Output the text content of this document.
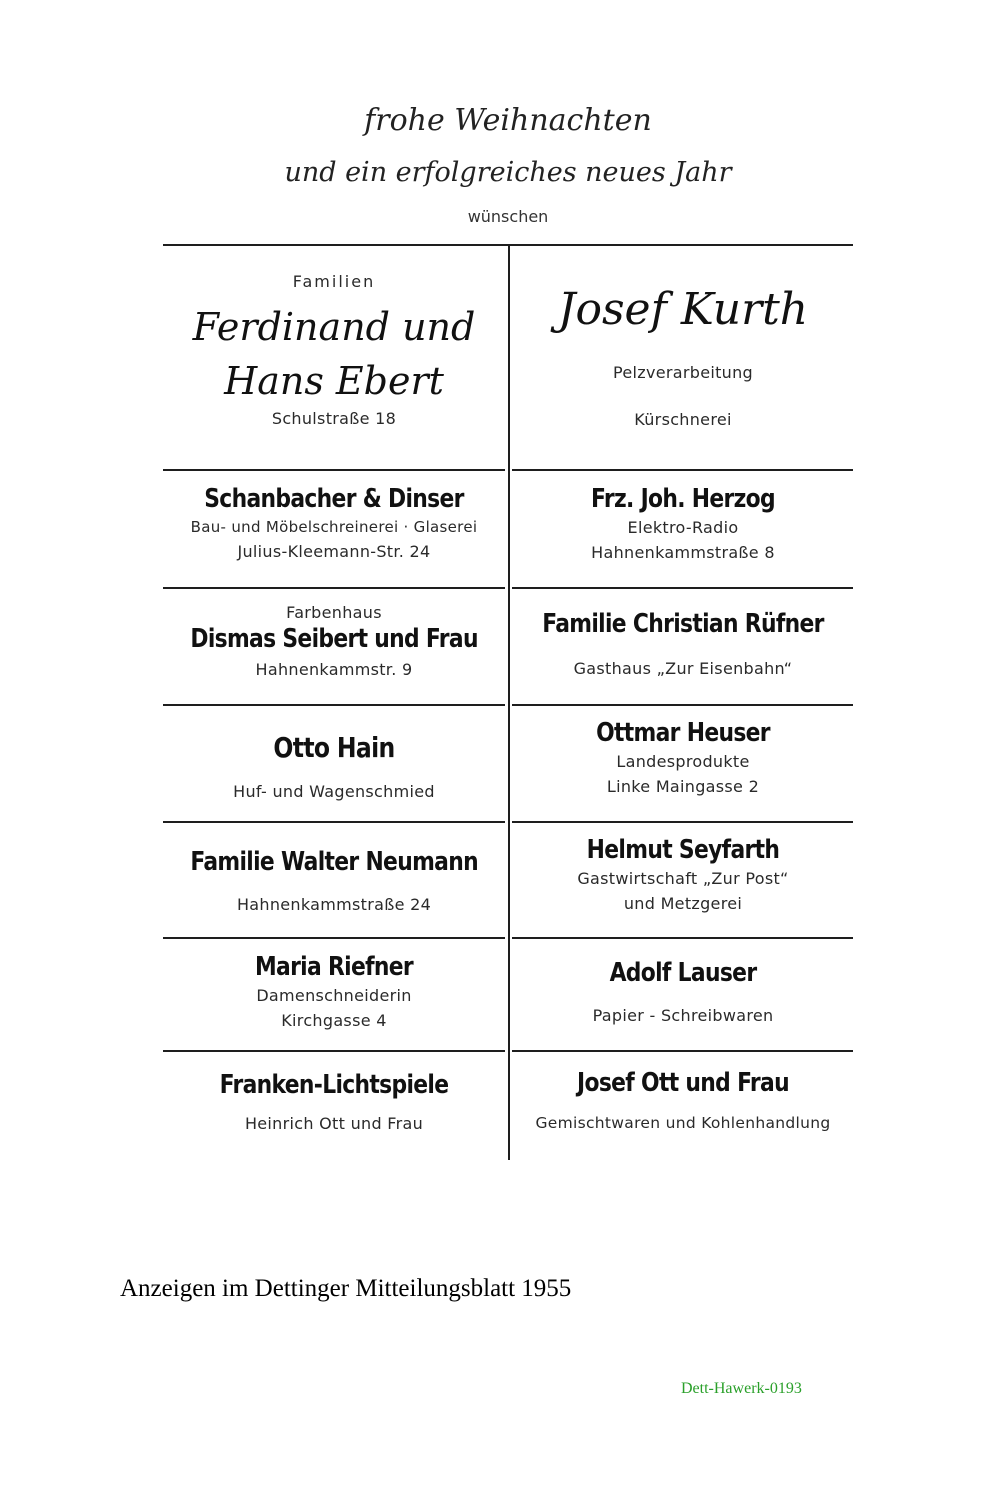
frohe Weihnachten
und ein erfolgreiches neues Jahr
wünschen
Familien
Ferdinand und
Hans Ebert
Schulstraße 18
Josef Kurth
Pelzverarbeitung
Kürschnerei
Schanbacher & Dinser
Bau- und Möbelschreinerei · Glaserei
Julius-Kleemann-Str. 24
Frz. Joh. Herzog
Elektro-Radio
Hahnenkammstraße 8
Farbenhaus
Dismas Seibert und Frau
Hahnenkammstr. 9
Familie Christian Rüfner
Gasthaus „Zur Eisenbahn“
Otto Hain
Huf- und Wagenschmied
Ottmar Heuser
Landesprodukte
Linke Maingasse 2
Familie Walter Neumann
Hahnenkammstraße 24
Helmut Seyfarth
Gastwirtschaft „Zur Post“
und Metzgerei
Maria Riefner
Damenschneiderin
Kirchgasse 4
Adolf Lauser
Papier - Schreibwaren
Franken-Lichtspiele
Heinrich Ott und Frau
Josef Ott und Frau
Gemischtwaren und Kohlenhandlung
Anzeigen im Dettinger Mitteilungsblatt 1955
Dett-Hawerk-0193
